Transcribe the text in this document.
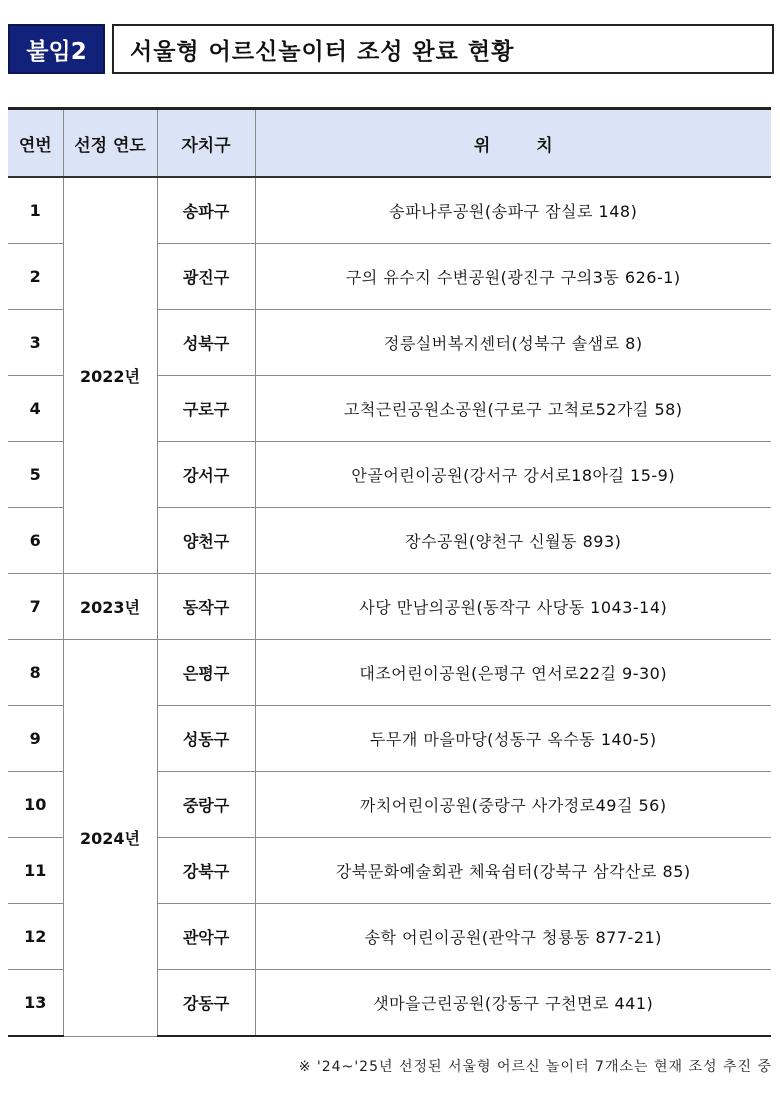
붙임2	서울형 어르신놀이터 조성 완료 현황
연번	선정 연도	자치구	위 치
1	2022년	송파구	송파나루공원(송파구 잠실로 148)
2		광진구	구의 유수지 수변공원(광진구 구의3동 626-1)
3		성북구	정릉실버복지센터(성북구 솔샘로 8)
4		구로구	고척근린공원소공원(구로구 고척로52가길 58)
5		강서구	안골어린이공원(강서구 강서로18아길 15-9)
6		양천구	장수공원(양천구 신월동 893)
7	2023년	동작구	사당 만남의공원(동작구 사당동 1043-14)
8	2024년	은평구	대조어린이공원(은평구 연서로22길 9-30)
9		성동구	두무개 마을마당(성동구 옥수동 140-5)
10		중랑구	까치어린이공원(중랑구 사가정로49길 56)
11		강북구	강북문화예술회관 체육쉼터(강북구 삼각산로 85)
12		관악구	송학 어린이공원(관악구 청룡동 877-21)
13		강동구	샛마을근린공원(강동구 구천면로 441)
※ '24~'25년 선정된 서울형 어르신 놀이터 7개소는 현재 조성 추진 중
